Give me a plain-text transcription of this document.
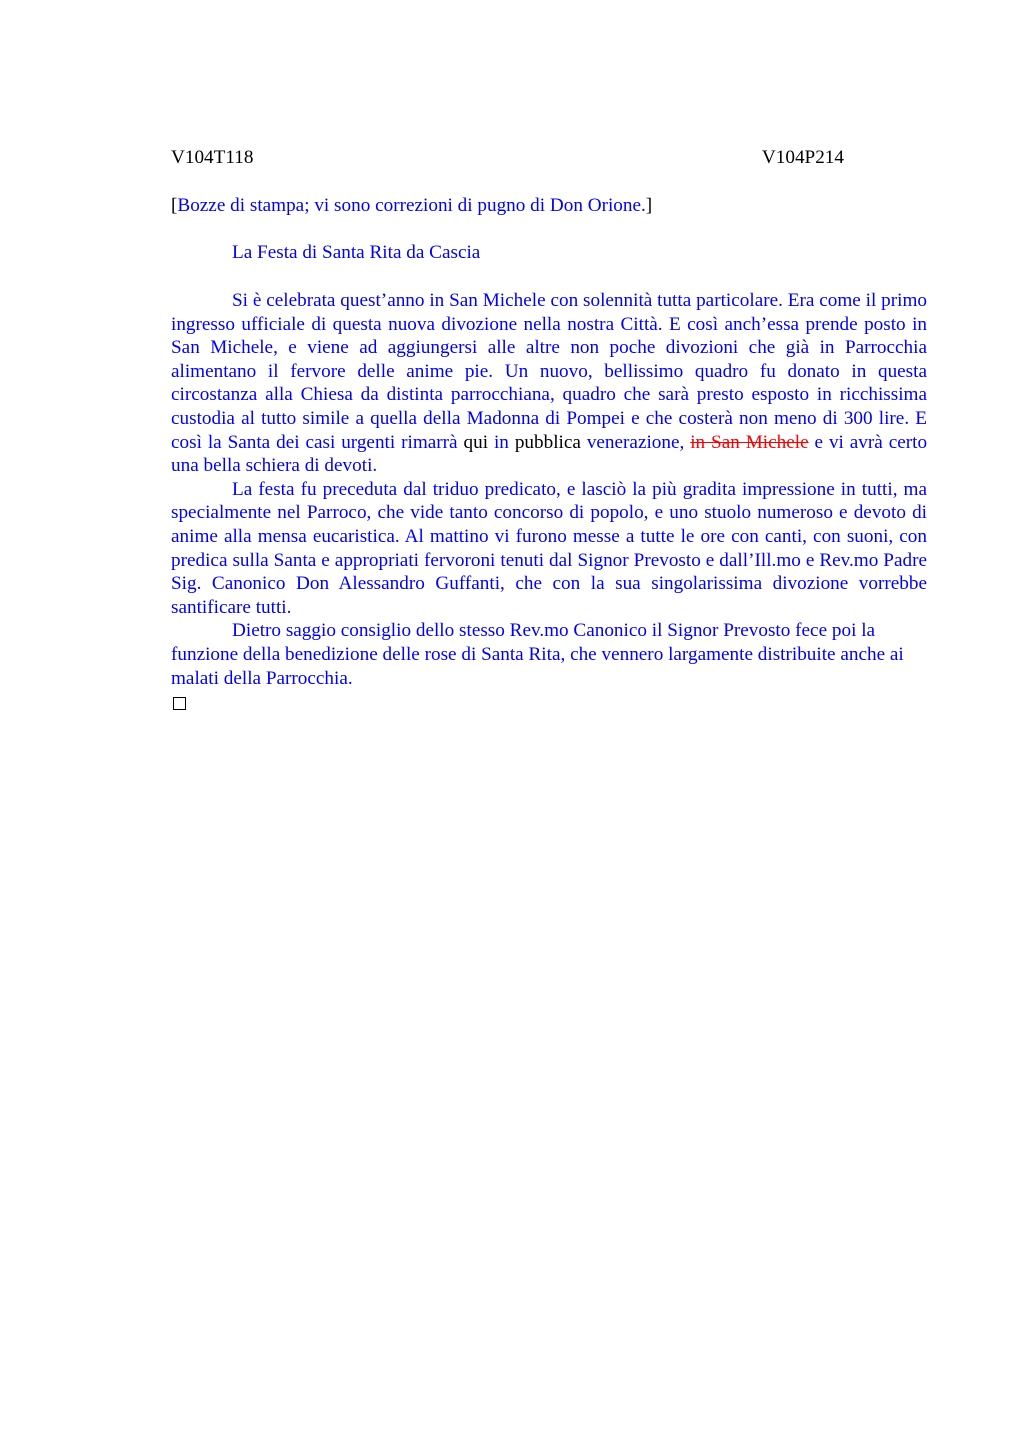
V104T118	V104P214
[Bozze di stampa; vi sono correzioni di pugno di Don Orione.]
La Festa di Santa Rita da Cascia

Si è celebrata quest’anno in San Michele con solennità tutta particolare. Era come il primo ingresso ufficiale di questa nuova divozione nella nostra Città. E così anch’essa prende posto in San Michele, e viene ad aggiungersi alle altre non poche divozioni che già in Parrocchia alimentano il fervore delle anime pie. Un nuovo, bellissimo quadro fu donato in questa circostanza alla Chiesa da distinta parrocchiana, quadro che sarà presto esposto in ricchissima custodia al tutto simile a quella della Madonna di Pompei e che costerà non meno di 300 lire. E così la Santa dei casi urgenti rimarrà qui in pubblica venerazione, in San Michele e vi avrà certo una bella schiera di devoti.

La festa fu preceduta dal triduo predicato, e lasciò la più gradita impressione in tutti, ma specialmente nel Parroco, che vide tanto concorso di popolo, e uno stuolo numeroso e devoto di anime alla mensa eucaristica. Al mattino vi furono messe a tutte le ore con canti, con suoni, con predica sulla Santa e appropriati fervoroni tenuti dal Signor Prevosto e dall’Ill.mo e Rev.mo Padre Sig. Canonico Don Alessandro Guffanti, che con la sua singolarissima divozione vorrebbe santificare tutti.

Dietro saggio consiglio dello stesso Rev.mo Canonico il Signor Prevosto fece poi la funzione della benedizione delle rose di Santa Rita, che vennero largamente distribuite anche ai malati della Parrocchia.
